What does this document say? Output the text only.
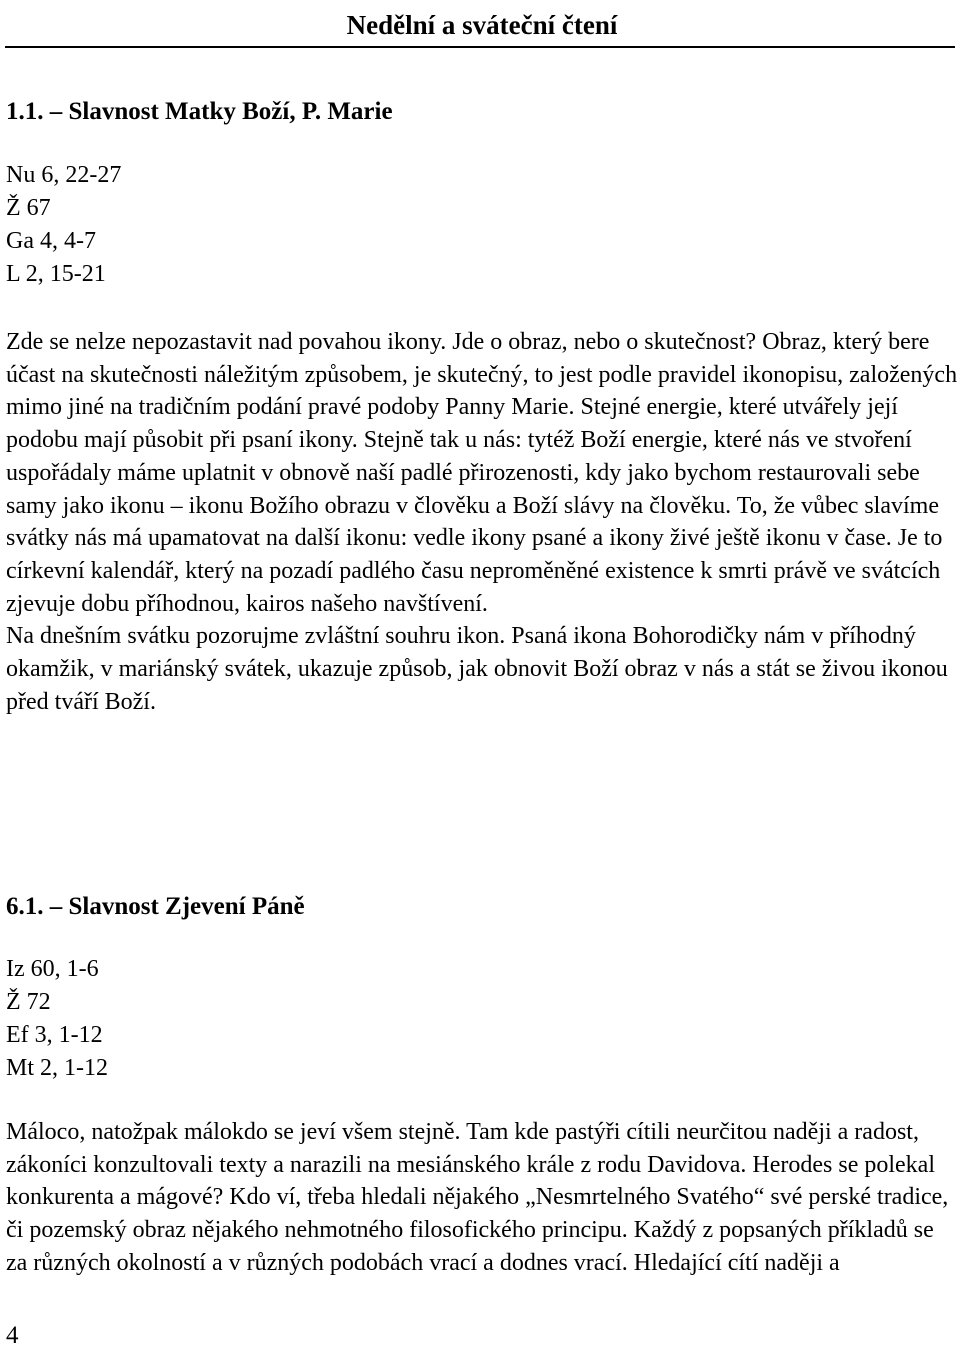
Nedělní a sváteční čtení
1.1. – Slavnost Matky Boží, P. Marie
Nu 6, 22-27
Ž 67
Ga 4, 4-7
L 2, 15-21

Zde se nelze nepozastavit nad povahou ikony. Jde o obraz, nebo o skutečnost? Obraz, který bere účast na skutečnosti náležitým způsobem, je skutečný, to jest podle pravidel ikonopisu, založených mimo jiné na tradičním podání pravé podoby Panny Marie. Stejné energie, které utvářely její podobu mají působit při psaní ikony. Stejně tak u nás: tytéž Boží energie, které nás ve stvoření uspořádaly máme uplatnit v obnově naší padlé přirozenosti, kdy jako bychom restaurovali sebe samy jako ikonu – ikonu Božího obrazu v člověku a Boží slávy na člověku. To, že vůbec slavíme svátky nás má upamatovat na další ikonu: vedle ikony psané a ikony živé ještě ikonu v čase. Je to církevní kalendář, který na pozadí padlého času neproměněné existence k smrti právě ve svátcích zjevuje dobu příhodnou, kairos našeho navštívení.

Na dnešním svátku pozorujme zvláštní souhru ikon. Psaná ikona Bohorodičky nám v příhodný okamžik, v mariánský svátek, ukazuje způsob, jak obnovit Boží obraz v nás a stát se živou ikonou před tváří Boží.

6.1. – Slavnost Zjevení Páně
Iz 60, 1-6
Ž 72
Ef 3, 1-12
Mt 2, 1-12

Máloco, natožpak málokdo se jeví všem stejně. Tam kde pastýři cítili neurčitou naději a radost, zákoníci konzultovali texty a narazili na mesiánského krále z rodu Davidova. Herodes se polekal konkurenta a mágové? Kdo ví, třeba hledali nějakého „Nesmrtelného Svatého“ své perské tradice, či pozemský obraz nějakého nehmotného filosofického principu. Každý z popsaných příkladů se za různých okolností a v různých podobách vrací a dodnes vrací. Hledající cítí naději a

4
